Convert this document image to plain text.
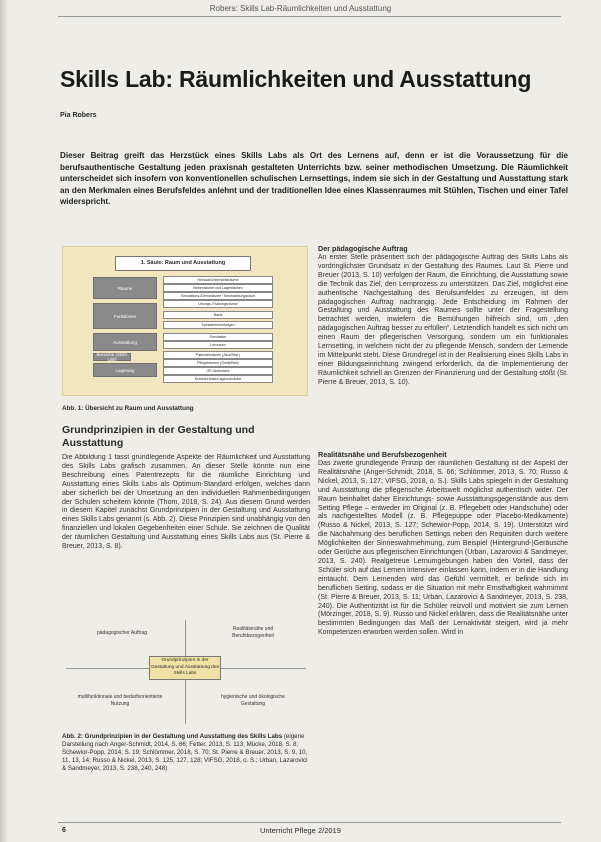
Robers: Skills Lab-Räumlichkeiten und Ausstattung
Skills Lab: Räumlichkeiten und Ausstattung
Pia Robers
Dieser Beitrag greift das Herzstück eines Skills Labs als Ort des Lernens auf, denn er ist die Voraussetzung für die berufsauthentische Gestaltung jeden praxisnah gestalteten Unterrichts bzw. seiner methodischen Umsetzung. Die Räumlichkeit unterscheidet sich insofern von konventionellen schulischen Lernsettings, indem sie sich in der Gestaltung und Ausstattung stark an den Merkmalen eines Berufsfeldes anlehnt und der traditionellen Idee eines Klassenraumes mit Stühlen, Tischen und einer Tafel widerspricht.
1. Säule: Raum und Ausstattung
Räume
Funktionen
Ausstattung
Bereiche (Skills Lab)
Lagerung
Hörsaal/Unterrichtsräume
Nebenräume und Lagerflächen
Simulations-/Demoräume / Beobachtungsraum
Übungs-/Trainingsräume
Basis
Spezialeinrichtungen
Simulation
Lernraum
Patientenräume (Akut/Stat.)
Pflegebereich (Gerät/Bett)
OP-/Ambulanz
Kuhlschränke/Lagerschränke
Abb. 1: Übersicht zu Raum und Ausstattung
Grundprinzipien in der Gestaltung und Ausstattung
Die Abbildung 1 fasst grundlegende Aspekte der Räumlichkeit und Ausstattung des Skills Labs grafisch zusammen. An dieser Stelle könnte nun eine Beschreibung eines Patentrezepts für die räumliche Einrichtung und Ausstattung eines Skills Labs als Optimum-Standard erfolgen, welches dann aber sicherlich bei der Umsetzung an den individuellen Rahmenbedingungen der Schulen scheitern könnte (Thom, 2018, S. 24). Aus diesem Grund werden in diesem Kapitel zunächst Grundprinzipien in der Gestaltung und Ausstattung eines Skills Labs genannt (s. Abb. 2). Diese Prinzipien sind unabhängig von den finanziellen und lokalen Gegebenheiten einer Schule. Sie zeichnen die Qualität der räumlichen Gestaltung und Ausstattung eines Skills Labs aus (St. Pierre & Breuer, 2013, S. 8).
pädagogischer Auftrag
Realitätsnähe und Berufsbezogenheit
Grundprinzipien in der Gestaltung und Ausstattung des Skills Labs
multifunktionale und bedarfsorientierte Nutzung
hygienische und ökologische Gestaltung
Abb. 2: Grundprinzipien in der Gestaltung und Ausstattung des Skills Labs (eigene Darstellung nach Anger-Schmidt, 2014, S. 66; Fetter, 2013, S. 113; Mücke, 2018, S. 8; Schewior-Popp, 2014, S. 19; Schlömmer, 2018, S. 70; St. Pierre & Breuer, 2013, S. 9, 10, 11, 13, 14; Russo & Nickel, 2013, S. 125, 127, 128; VIFSG, 2018, o. S.; Urban, Lazarovici & Sandmeyer, 2013, S. 238, 240, 248)
Der pädagogische Auftrag
An erster Stelle präsentiert sich der pädagogische Auftrag des Skills Labs als vordringlichster Grundsatz in der Gestaltung des Raumes. Laut St. Pierre und Breuer (2013, S. 10) verfolgen der Raum, die Einrichtung, die Ausstattung sowie die Technik das Ziel, den Lernprozess zu unterstützen. Das Ziel, möglichst eine authentische Nachgestaltung des Berufsumfeldes zu erzeugen, ist dem pädagogischen Auftrag nachrangig. Jede Entscheidung im Rahmen der Gestaltung und Ausstattung des Raumes sollte unter der Fragestellung betrachtet werden, inwiefern die Bemühungen hilfreich sind, um „den pädagogischen Auftrag besser zu erfüllen“. Letztendlich handelt es sich nicht um einen Raum der pflegerischen Versorgung, sondern um ein funktionales Lernsetting, in welchem nicht der zu pflegende Mensch, sondern der Lernende im Mittelpunkt steht. Diese Grundregel ist in der Realisierung eines Skills Labs in einer Bildungseinrichtung zwingend erforderlich, da die Implementierung der Räumlichkeit schnell an Grenzen der Finanzierung und der Gestaltung stößt (St. Pierre & Breuer, 2013, S. 10).
Realitätsnähe und Berufsbezogenheit
Das zweite grundlegende Prinzip der räumlichen Gestaltung ist der Aspekt der Realitätsnähe (Anger-Schmidt, 2018, S. 66; Schlömmer, 2013, S. 70; Russo & Nickel, 2013, S. 127; VIFSG, 2018, o. S.). Skills Labs spiegeln in der Gestaltung und Ausstattung die pflegerische Arbeitswelt möglichst authentisch wider. Der Raum beinhaltet daher Einrichtungs- sowie Ausstattungsgegenstände aus dem Setting Pflege – entweder im Original (z. B. Pflegebett oder Handschuhe) oder als nachgestelltes Modell (z. B. Pflegepuppe oder Placebo-Medikamente) (Russo & Nickel, 2013, S. 127; Schewior-Popp, 2014, S. 19). Unterstützt wird die Nachahmung des beruflichen Settings neben den Requisiten durch weitere Möglichkeiten der Sinneswahrnehmung, zum Beispiel (Hintergrund-)Geräusche oder Gerüche aus pflegerischen Einrichtungen (Urban, Lazarovici & Sandmeyer, 2013, S. 240). Realgetreue Lernumgebungen haben den Vorteil, dass der Schüler sich auf das Lernen intensiver einlassen kann, indem er in die Handlung eintaucht. Dem Lernenden wird das Gefühl vermittelt, er befinde sich im beruflichen Setting, sodass er die Situation mit mehr Ernsthaftigkeit wahrnimmt (St. Pierre & Breuer, 2013, S. 11; Urban, Lazarovici & Sandmeyer, 2013, S. 238, 240). Die Authentizität ist für die Schüler reizvoll und motiviert sie zum Lernen (Mörzinger, 2018, S. 9). Russo und Nickel erklären, dass die Realitätsnähe unter bestimmten Bedingungen das Maß der Lernaktivität steigert, wird ja mehr Kompetenzen erworben werden sollen. Wird in
6	Unterricht Pflege 2/2019
